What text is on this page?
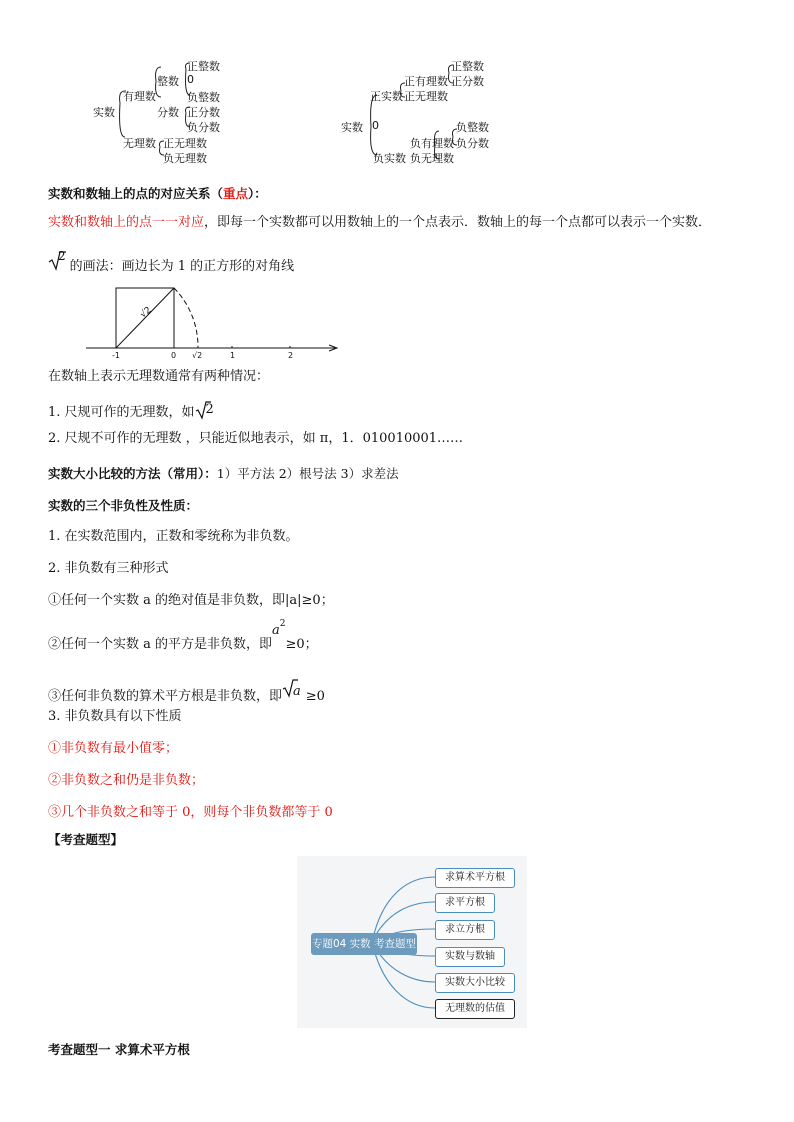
实数
有理数
整数
正整数
0
负整数
分数 正分数
负分数
无理数 正无理数
负无理数
实数
正实数
正有理数
正整数
正分数
正无理数
0
负实数
负有理数
负整数
负分数
负无理数
实数和数轴上的点的对应关系（重点）：
实数和数轴上的点一一对应，即每一个实数都可以用数轴上的一个点表示．数轴上的每一个点都可以表示一个实数．
2的画法：画边长为 1 的正方形的对角线
√2
-1	0 √2	1	2
在数轴上表示无理数通常有两种情况：
1. 尺规可作的无理数，如 2
2. 尺规不可作的无理数 ，只能近似地表示，如 π，1．010010001……
实数大小比较的方法（常用）：1）平方法 2）根号法 3）求差法
实数的三个非负性及性质：
1. 在实数范围内，正数和零统称为非负数。
2. 非负数有三种形式
①任何一个实数 a 的绝对值是非负数，即|a|≥0；
②任何一个实数 a 的平方是非负数，即$a^2\ge 0$；
③任何非负数的算术平方根是非负数，即 a ≥0
3. 非负数具有以下性质
①非负数有最小值零；
②非负数之和仍是非负数；
③几个非负数之和等于 0，则每个非负数都等于 0
【考查题型】
专题04 实数 考查题型
求算术平方根
求平方根
求立方根
实数与数轴
实数大小比较
无理数的估值
考查题型一 求算术平方根
